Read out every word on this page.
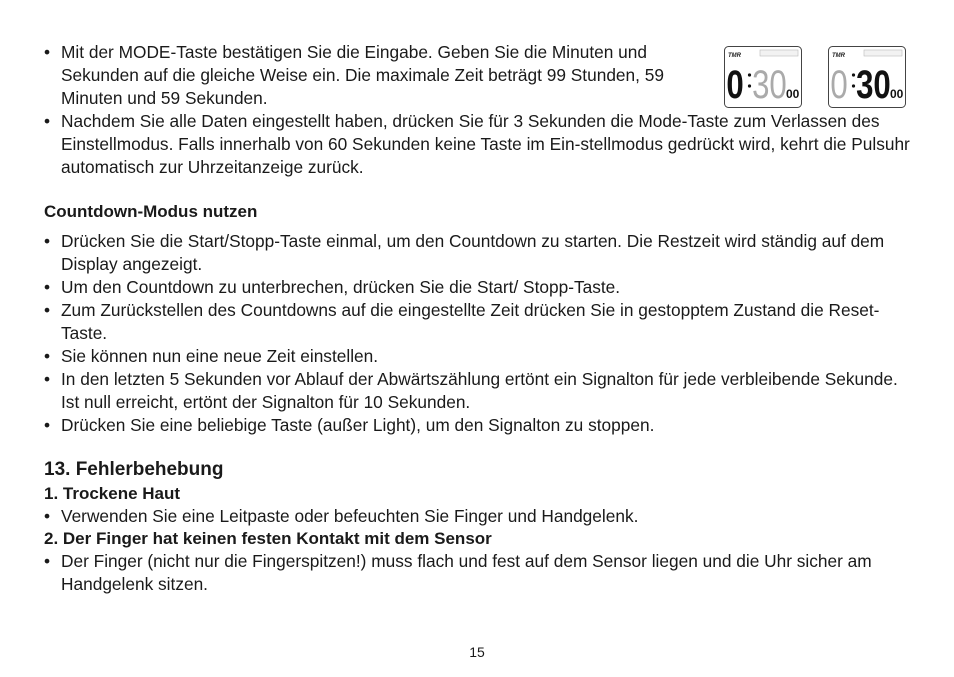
• Mit der MODE-Taste bestätigen Sie die Eingabe. Geben Sie die Minuten und Sekunden auf die gleiche Weise ein. Die maximale Zeit beträgt 99 Stunden, 59 Minuten und 59 Sekunden.
• Nachdem Sie alle Daten eingestellt haben, drücken Sie für 3 Sekunden die Mode-Taste zum Verlassen des Einstellmodus. Falls innerhalb von 60 Sekunden keine Taste im Ein-stellmodus gedrückt wird, kehrt die Pulsuhr automatisch zur Uhrzeitanzeige zurück.
TMR
0 30 00
TMR
0 30 00
Countdown-Modus nutzen
• Drücken Sie die Start/Stopp-Taste einmal, um den Countdown zu starten. Die Restzeit wird ständig auf dem Display angezeigt.
• Um den Countdown zu unterbrechen, drücken Sie die Start/ Stopp-Taste.
• Zum Zurückstellen des Countdowns auf die eingestellte Zeit drücken Sie in gestopptem Zustand die Reset-Taste.
• Sie können nun eine neue Zeit einstellen.
• In den letzten 5 Sekunden vor Ablauf der Abwärtszählung ertönt ein Signalton für jede verbleibende Sekunde. Ist null erreicht, ertönt der Signalton für 10 Sekunden.
• Drücken Sie eine beliebige Taste (außer Light), um den Signalton zu stoppen.
13. Fehlerbehebung
1. Trockene Haut
• Verwenden Sie eine Leitpaste oder befeuchten Sie Finger und Handgelenk.
2. Der Finger hat keinen festen Kontakt mit dem Sensor
• Der Finger (nicht nur die Fingerspitzen!) muss flach und fest auf dem Sensor liegen und die Uhr sicher am Handgelenk sitzen.
15
